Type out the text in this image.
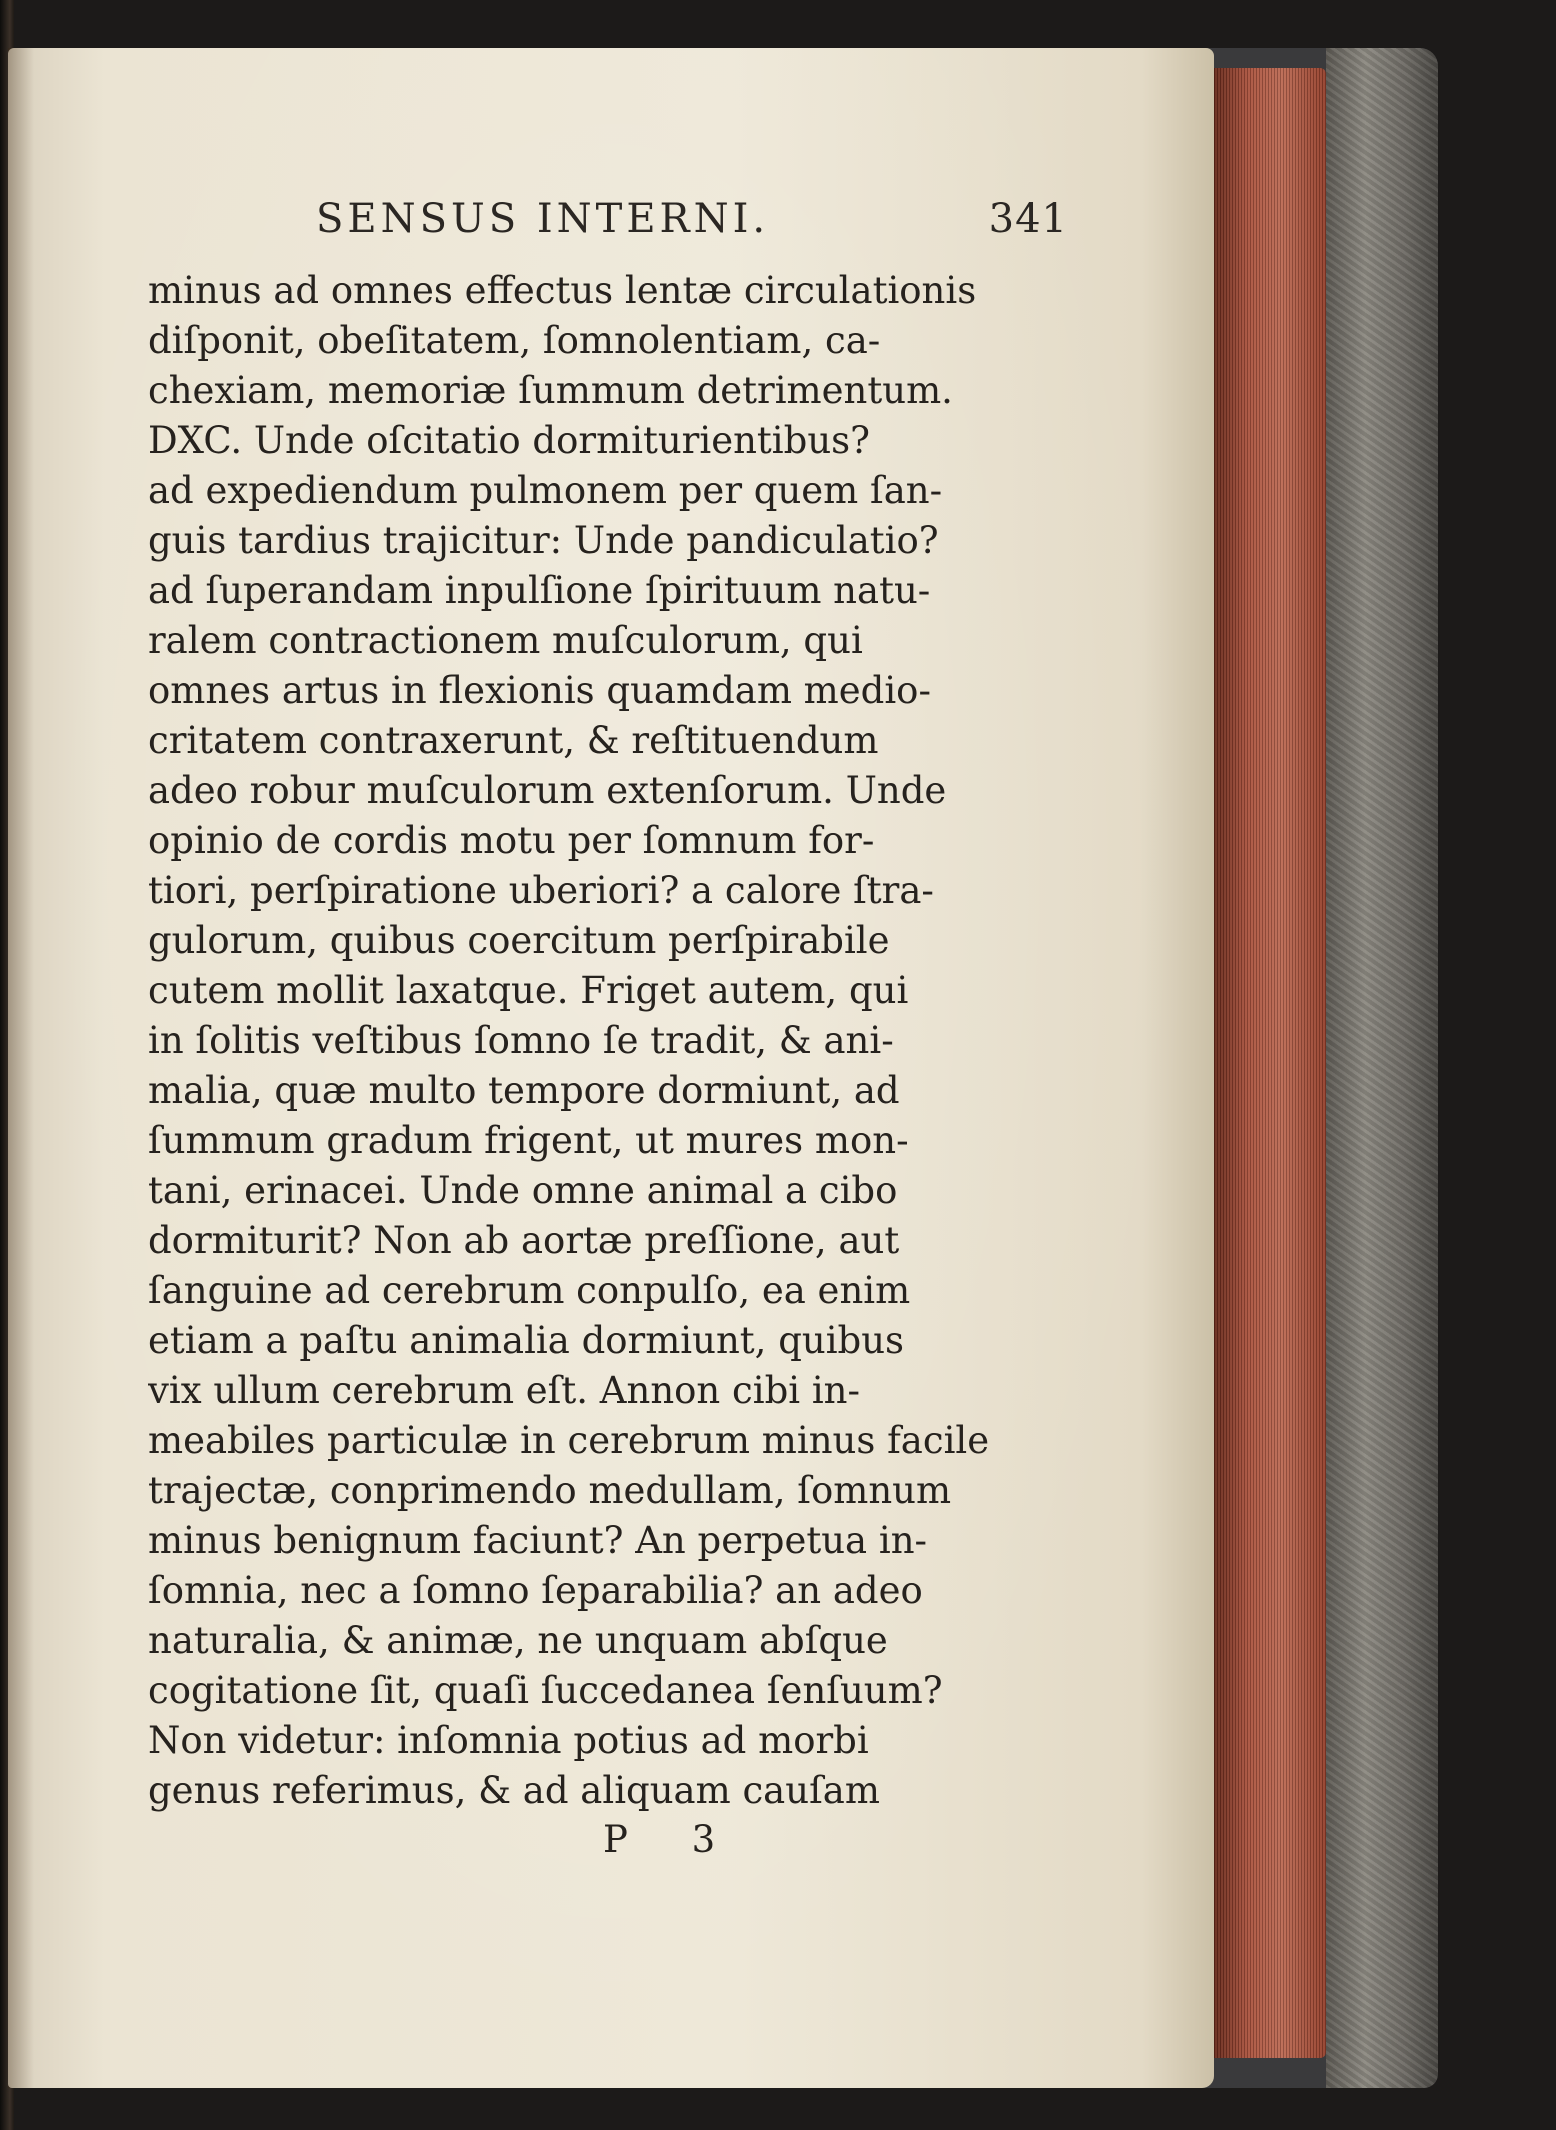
SENSUS INTERNI.	341
minus ad omnes effectus lentæ circulationis
diſponit, obeſitatem, ſomnolentiam, ca-
chexiam, memoriæ ſummum detrimentum.
DXC. Unde oſcitatio dormiturientibus?
ad expediendum pulmonem per quem ſan-
guis tardius trajicitur: Unde pandiculatio?
ad ſuperandam inpulſione ſpirituum natu-
ralem contractionem muſculorum, qui
omnes artus in flexionis quamdam medio-
critatem contraxerunt, & reſtituendum
adeo robur muſculorum extenſorum. Unde
opinio de cordis motu per ſomnum for-
tiori, perſpiratione uberiori? a calore ſtra-
gulorum, quibus coercitum perſpirabile
cutem mollit laxatque. Friget autem, qui
in ſolitis veſtibus ſomno ſe tradit, & ani-
malia, quæ multo tempore dormiunt, ad
ſummum gradum frigent, ut mures mon-
tani, erinacei. Unde omne animal a cibo
dormiturit? Non ab aortæ preſſione, aut
ſanguine ad cerebrum conpulſo, ea enim
etiam a paſtu animalia dormiunt, quibus
vix ullum cerebrum eſt. Annon cibi in-
meabiles particulæ in cerebrum minus facile
trajectæ, conprimendo medullam, ſomnum
minus benignum faciunt? An perpetua in-
ſomnia, nec a ſomno ſeparabilia? an adeo
naturalia, & animæ, ne unquam abſque
cogitatione ſit, quaſi ſuccedanea ſenſuum?
Non videtur: inſomnia potius ad morbi
genus referimus, & ad aliquam cauſam
P 3
